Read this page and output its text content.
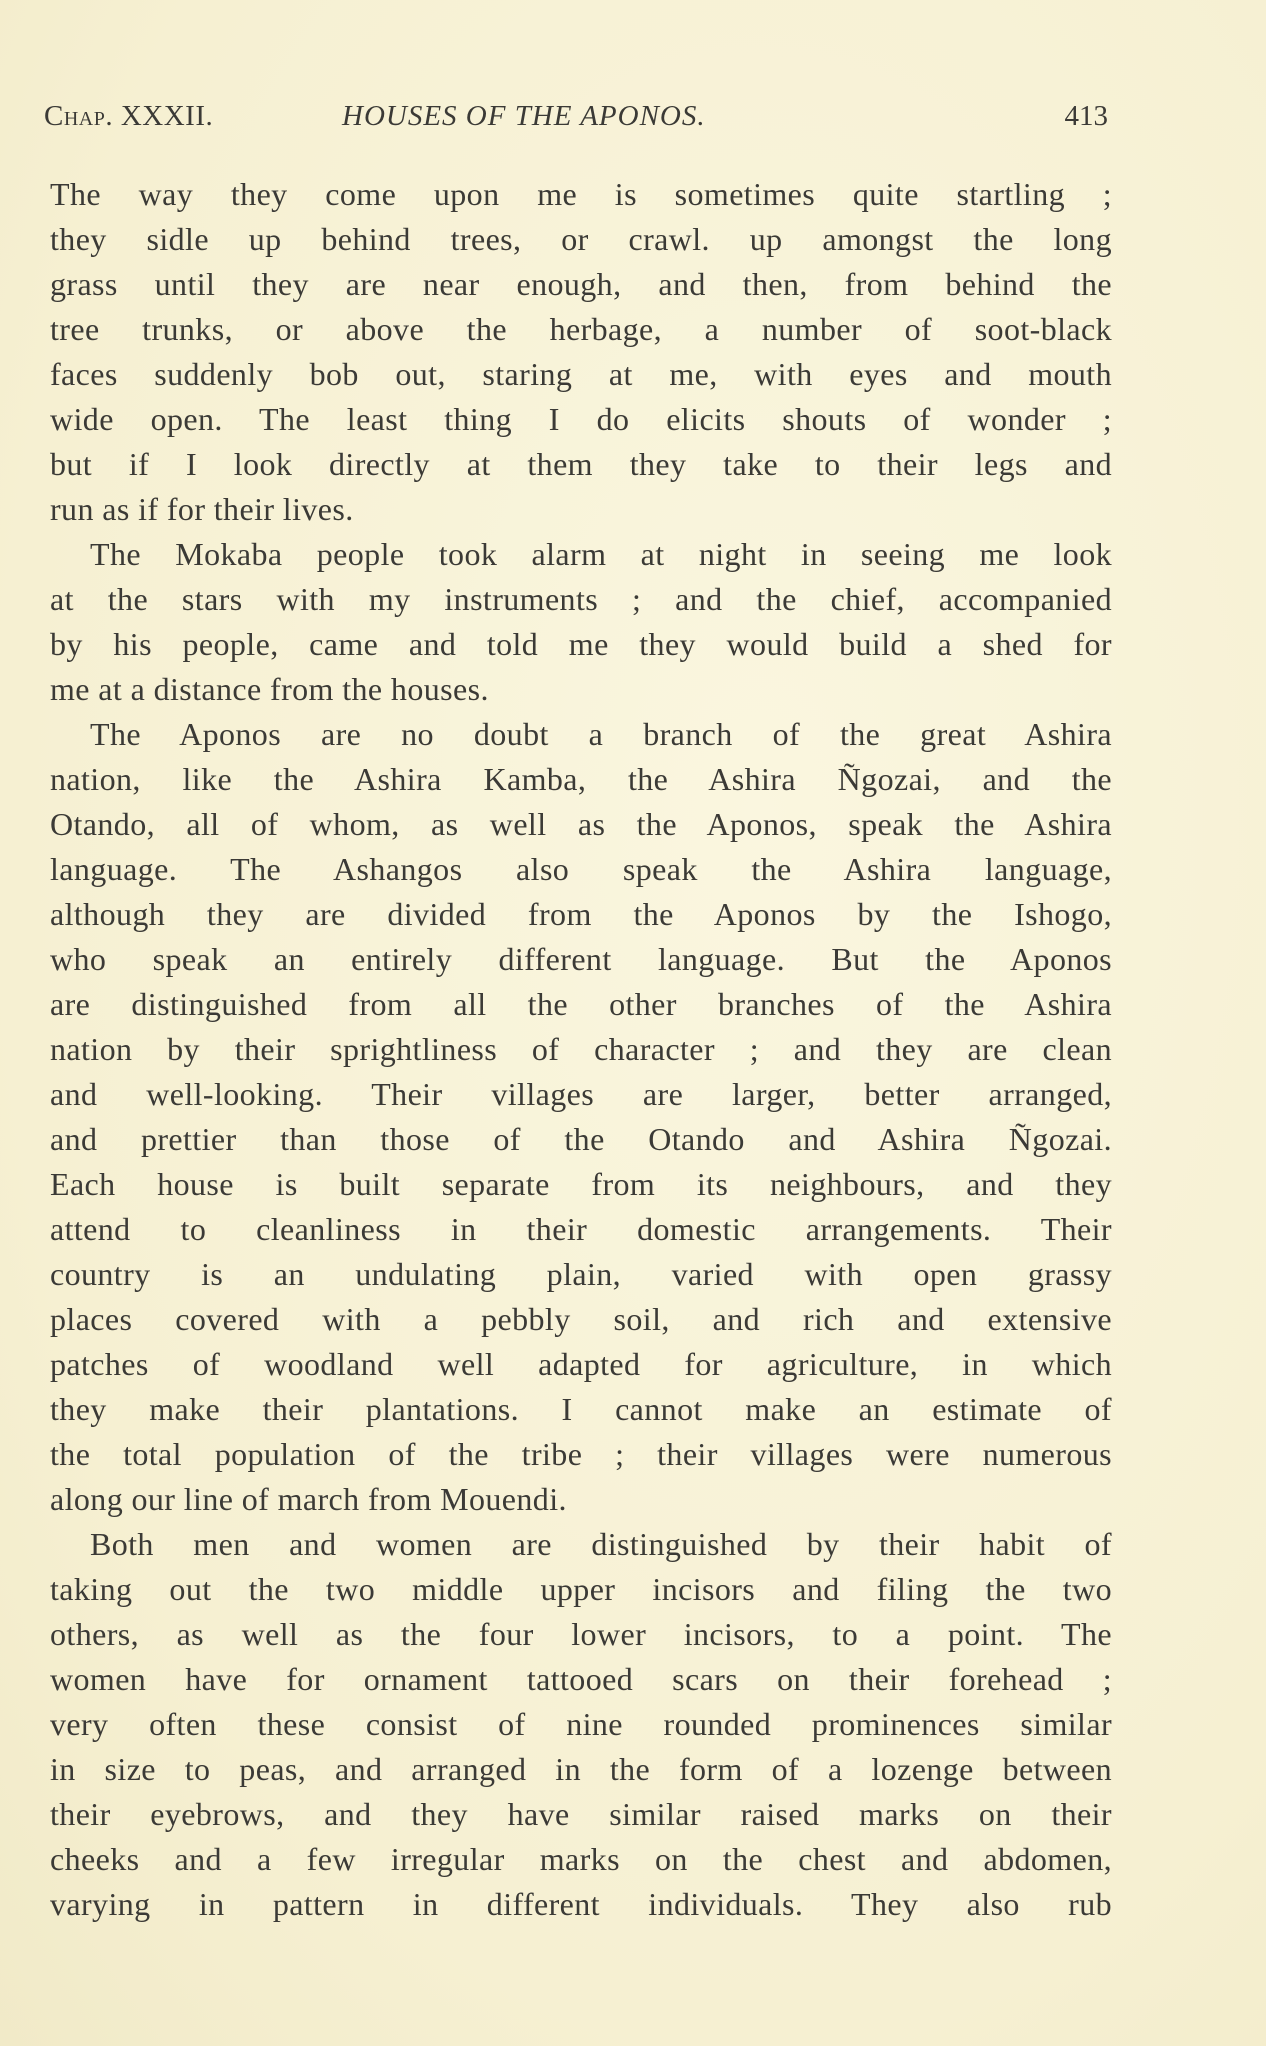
Chap. XXXII.	HOUSES OF THE APONOS.	413
The way they come upon me is sometimes quite startling ;
they sidle up behind trees, or crawl. up amongst the long
grass until they are near enough, and then, from behind the
tree trunks, or above the herbage, a number of soot-black
faces suddenly bob out, staring at me, with eyes and mouth
wide open. The least thing I do elicits shouts of wonder ;
but if I look directly at them they take to their legs and
run as if for their lives.
The Mokaba people took alarm at night in seeing me look
at the stars with my instruments ; and the chief, accompanied
by his people, came and told me they would build a shed for
me at a distance from the houses.
The Aponos are no doubt a branch of the great Ashira
nation, like the Ashira Kamba, the Ashira Ñgozai, and the
Otando, all of whom, as well as the Aponos, speak the Ashira
language. The Ashangos also speak the Ashira language,
although they are divided from the Aponos by the Ishogo,
who speak an entirely different language. But the Aponos
are distinguished from all the other branches of the Ashira
nation by their sprightliness of character ; and they are clean
and well-looking. Their villages are larger, better arranged,
and prettier than those of the Otando and Ashira Ñgozai.
Each house is built separate from its neighbours, and they
attend to cleanliness in their domestic arrangements. Their
country is an undulating plain, varied with open grassy
places covered with a pebbly soil, and rich and extensive
patches of woodland well adapted for agriculture, in which
they make their plantations. I cannot make an estimate of
the total population of the tribe ; their villages were numerous
along our line of march from Mouendi.
Both men and women are distinguished by their habit of
taking out the two middle upper incisors and filing the two
others, as well as the four lower incisors, to a point. The
women have for ornament tattooed scars on their forehead ;
very often these consist of nine rounded prominences similar
in size to peas, and arranged in the form of a lozenge between
their eyebrows, and they have similar raised marks on their
cheeks and a few irregular marks on the chest and abdomen,
varying in pattern in different individuals. They also rub
